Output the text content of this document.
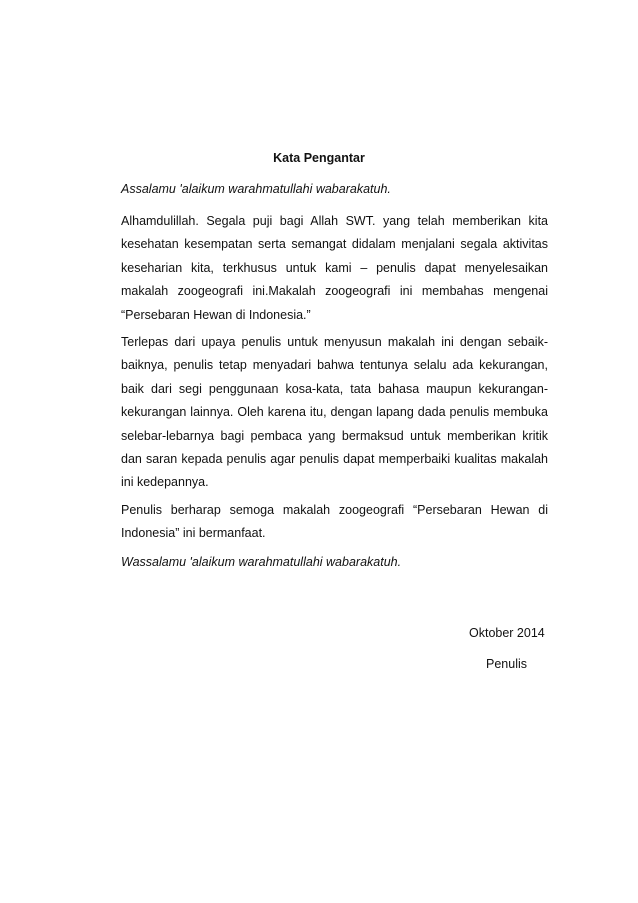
Kata Pengantar

Assalamu 'alaikum warahmatullahi wabarakatuh.

Alhamdulillah. Segala puji bagi Allah SWT. yang telah memberikan kita kesehatan kesempatan serta semangat didalam menjalani segala aktivitas keseharian kita, terkhusus untuk kami – penulis dapat menyelesaikan makalah zoogeografi ini.Makalah zoogeografi ini membahas mengenai “Persebaran Hewan di Indonesia.”

Terlepas dari upaya penulis untuk menyusun makalah ini dengan sebaik-baiknya, penulis tetap menyadari bahwa tentunya selalu ada kekurangan, baik dari segi penggunaan kosa-kata, tata bahasa maupun kekurangan-kekurangan lainnya. Oleh karena itu, dengan lapang dada penulis membuka selebar-lebarnya bagi pembaca yang bermaksud untuk memberikan kritik dan saran kepada penulis agar penulis dapat memperbaiki kualitas makalah ini kedepannya.

Penulis berharap semoga makalah zoogeografi “Persebaran Hewan di Indonesia” ini bermanfaat.

Wassalamu 'alaikum warahmatullahi wabarakatuh.

Oktober 2014
Penulis
